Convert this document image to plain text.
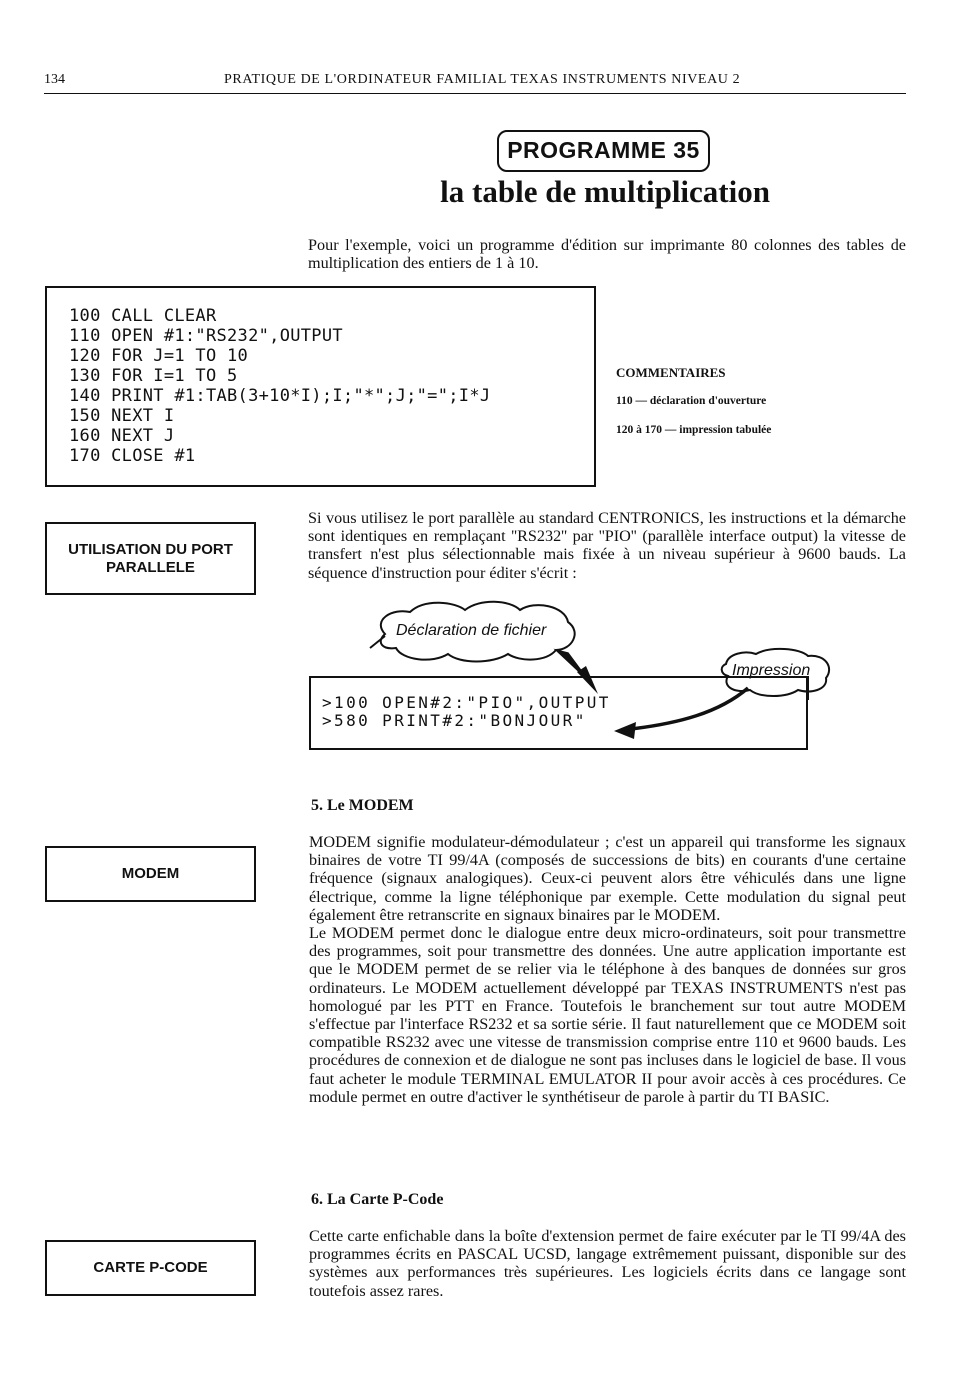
134	PRATIQUE DE L'ORDINATEUR FAMILIAL TEXAS INSTRUMENTS NIVEAU 2
PROGRAMME 35
la table de multiplication
Pour l'exemple, voici un programme d'édition sur imprimante 80 colonnes des tables de multiplication des entiers de 1 à 10.
100 CALL CLEAR
110 OPEN #1:"RS232",OUTPUT
120 FOR J=1 TO 10
130 FOR I=1 TO 5
140 PRINT #1:TAB(3+10*I);I;"*";J;"=";I*J
150 NEXT I
160 NEXT J
170 CLOSE #1
COMMENTAIRES
110 — déclaration d'ouverture
120 à 170 — impression tabulée
UTILISATION DU PORT
PARALLELE
Si vous utilisez le port parallèle au standard CENTRONICS, les instructions et la démarche sont identiques en remplaçant ''RS232'' par ''PIO'' (parallèle interface output) la vitesse de transfert n'est plus sélectionnable mais fixée à un niveau supérieur à 9600 bauds. La séquence d'instruction pour éditer s'écrit :
Déclaration de fichier
Impression
>100 OPEN#2:"PIO",OUTPUT
>580 PRINT#2:"BONJOUR"
5. Le MODEM
MODEM
MODEM signifie modulateur-démodulateur ; c'est un appareil qui transforme les signaux binaires de votre TI 99/4A (composés de successions de bits) en courants d'une certaine fréquence (signaux analogiques). Ceux-ci peuvent alors être véhiculés dans une ligne électrique, comme la ligne téléphonique par exemple. Cette modulation du signal peut également être retranscrite en signaux binaires par le MODEM.
Le MODEM permet donc le dialogue entre deux micro-ordinateurs, soit pour transmettre des programmes, soit pour transmettre des données. Une autre application importante est que le MODEM permet de se relier via le téléphone à des banques de données sur gros ordinateurs. Le MODEM actuellement développé par TEXAS INSTRUMENTS n'est pas homologué par les PTT en France. Toutefois le branchement sur tout autre MODEM s'effectue par l'interface RS232 et sa sortie série. Il faut naturellement que ce MODEM soit compatible RS232 avec une vitesse de transmission comprise entre 110 et 9600 bauds. Les procédures de connexion et de dialogue ne sont pas incluses dans le logiciel de base. Il vous faut acheter le module TERMINAL EMULATOR II pour avoir accès à ces procédures. Ce module permet en outre d'activer le synthétiseur de parole à partir du TI BASIC.
6. La Carte P-Code
CARTE P-CODE
Cette carte enfichable dans la boîte d'extension permet de faire exécuter par le TI 99/4A des programmes écrits en PASCAL UCSD, langage extrêmement puissant, disponible sur des systèmes aux performances très supérieures. Les logiciels écrits dans ce langage sont toutefois assez rares.
